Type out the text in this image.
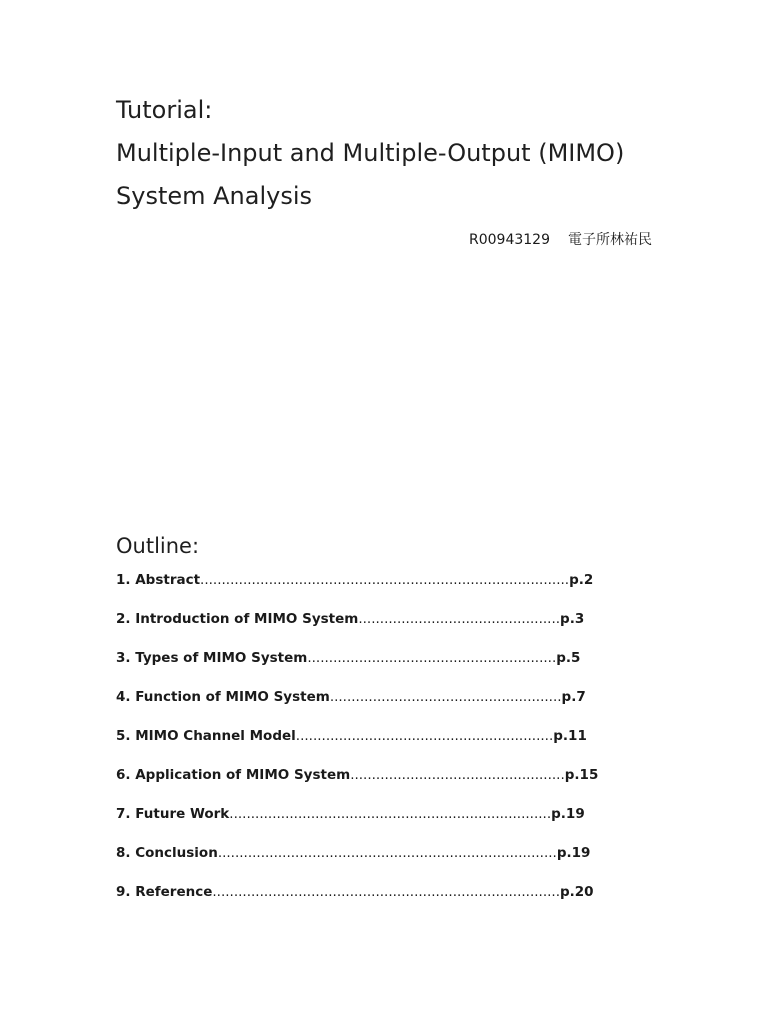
Tutorial:
Multiple-Input and Multiple-Output (MIMO)
System Analysis
R00943129 電子所林祐民
Outline:
1. Abstract......................................................................................p.2
2. Introduction of MIMO System...............................................p.3
3. Types of MIMO System..........................................................p.5
4. Function of MIMO System......................................................p.7
5. MIMO Channel Model............................................................p.11
6. Application of MIMO System..................................................p.15
7. Future Work...........................................................................p.19
8. Conclusion...............................................................................p.19
9. Reference.................................................................................p.20
